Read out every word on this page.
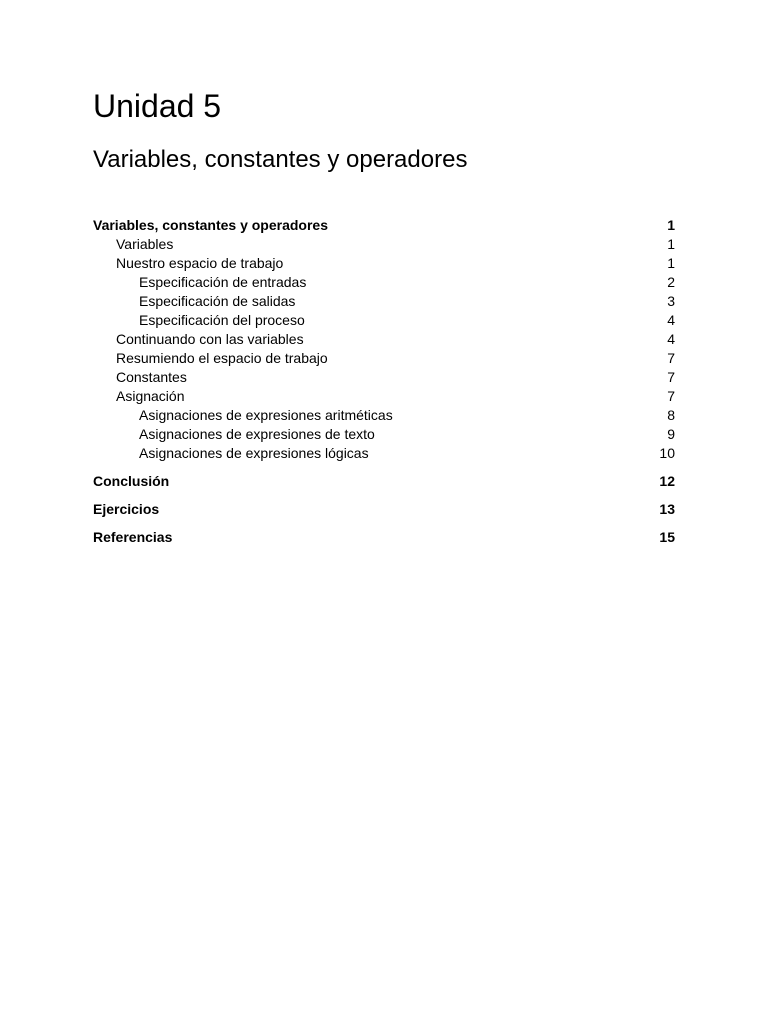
Unidad 5
Variables, constantes y operadores
Variables, constantes y operadores	1
Variables	1
Nuestro espacio de trabajo	1
Especificación de entradas	2
Especificación de salidas	3
Especificación del proceso	4
Continuando con las variables	4
Resumiendo el espacio de trabajo	7
Constantes	7
Asignación	7
Asignaciones de expresiones aritméticas	8
Asignaciones de expresiones de texto	9
Asignaciones de expresiones lógicas	10
Conclusión	12
Ejercicios	13
Referencias	15
